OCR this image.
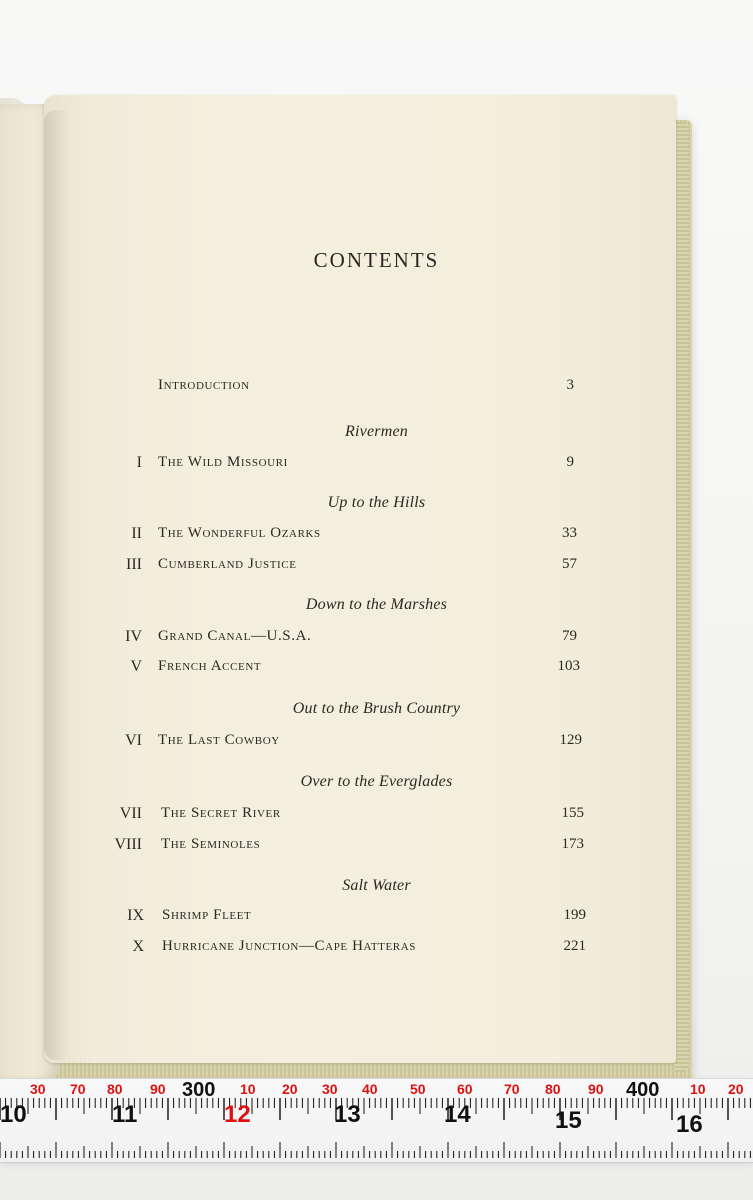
CONTENTS
Introduction	3
Rivermen
I The Wild Missouri	9
Up to the Hills
II The Wonderful Ozarks	33
III Cumberland Justice	57
Down to the Marshes
IV Grand Canal—U.S.A.	79
V French Accent	103
Out to the Brush Country
VI The Last Cowboy	129
Over to the Everglades
VII The Secret River	155
VIII The Seminoles	173
Salt Water
IX Shrimp Fleet	199
X Hurricane Junction—Cape Hatteras	221
30 70 80 90	10 20 30 40 50 60 70 80 90	10 20
300	400
10	11	12	13	14	15	16
